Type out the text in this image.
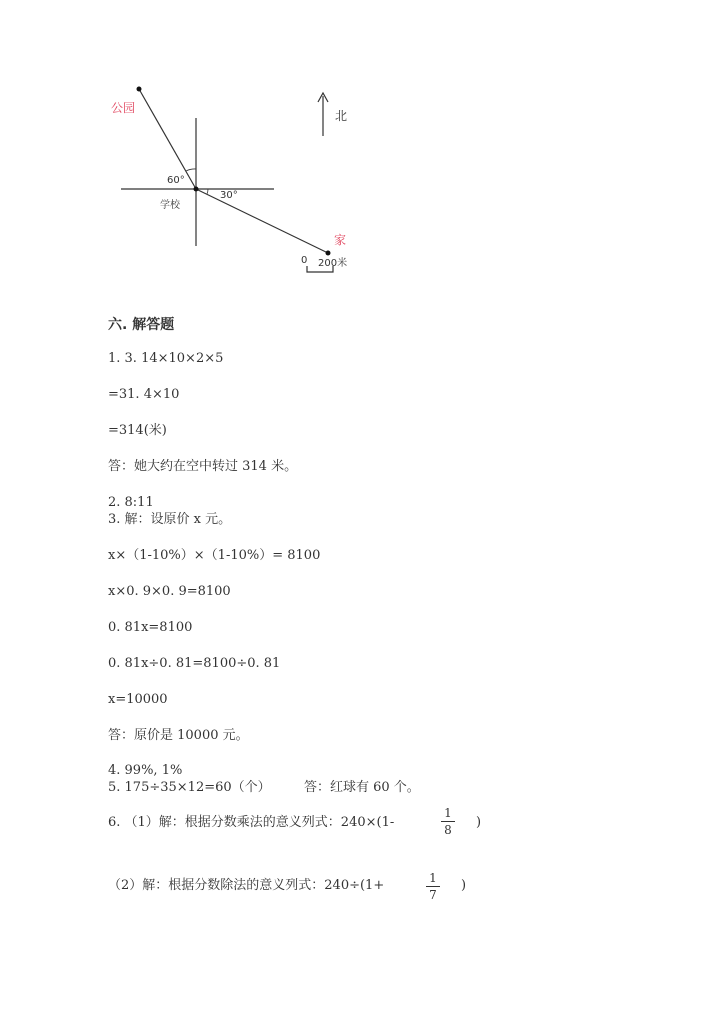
公园
学校
家
北
60°
30°
0 200米
六. 解答题
1. 3. 14×10×2×5
=31. 4×10
=314(米)
答：她大约在空中转过 314 米。
2. 8:11
3. 解：设原价 x 元。
x×（1-10%）×（1-10%）= 8100
x×0. 9×0. 9=8100
0. 81x=8100
0. 81x÷0. 81=8100÷0. 81
x=10000
答：原价是 10000 元。
4. 99%, 1%
5. 175÷35×12=60（个）	答：红球有 60 个。
6. （1）解：根据分数乘法的意义列式：240×(1-
1
8 )
（2）解：根据分数除法的意义列式：240÷(1+	1
7
)
